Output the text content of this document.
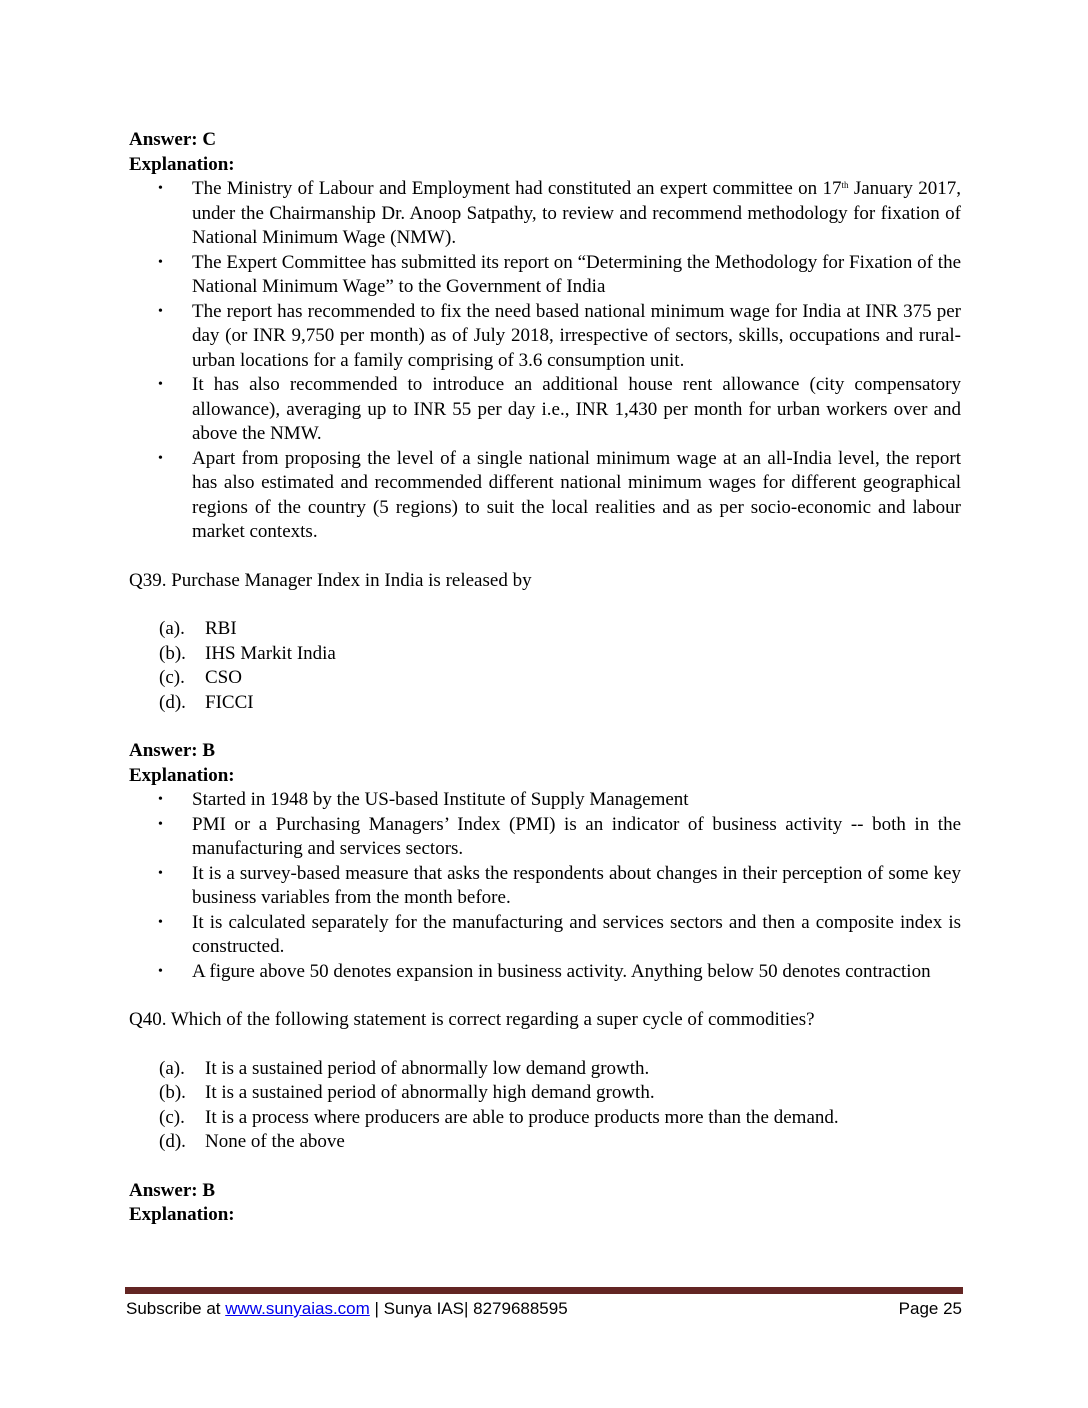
Answer: C
Explanation:
• The Ministry of Labour and Employment had constituted an expert committee on 17th January 2017, under the Chairmanship Dr. Anoop Satpathy, to review and recommend methodology for fixation of National Minimum Wage (NMW).
• The Expert Committee has submitted its report on “Determining the Methodology for Fixation of the National Minimum Wage” to the Government of India
• The report has recommended to fix the need based national minimum wage for India at INR 375 per day (or INR 9,750 per month) as of July 2018, irrespective of sectors, skills, occupations and rural-urban locations for a family comprising of 3.6 consumption unit.
• It has also recommended to introduce an additional house rent allowance (city compensatory allowance), averaging up to INR 55 per day i.e., INR 1,430 per month for urban workers over and above the NMW.
• Apart from proposing the level of a single national minimum wage at an all-India level, the report has also estimated and recommended different national minimum wages for different geographical regions of the country (5 regions) to suit the local realities and as per socio-economic and labour market contexts.
Q39. Purchase Manager Index in India is released by
(a).	RBI
(b).	IHS Markit India
(c).	CSO
(d).	FICCI
Answer: B
Explanation:
• Started in 1948 by the US-based Institute of Supply Management
• PMI or a Purchasing Managers’ Index (PMI) is an indicator of business activity -- both in the manufacturing and services sectors.
• It is a survey-based measure that asks the respondents about changes in their perception of some key business variables from the month before.
• It is calculated separately for the manufacturing and services sectors and then a composite index is constructed.
• A figure above 50 denotes expansion in business activity. Anything below 50 denotes contraction
Q40. Which of the following statement is correct regarding a super cycle of commodities?
(a).	It is a sustained period of abnormally low demand growth.
(b).	It is a sustained period of abnormally high demand growth.
(c).	It is a process where producers are able to produce products more than the demand.
(d).	None of the above
Answer: B
Explanation:
Subscribe at www.sunyaias.com | Sunya IAS| 8279688595	Page 25
